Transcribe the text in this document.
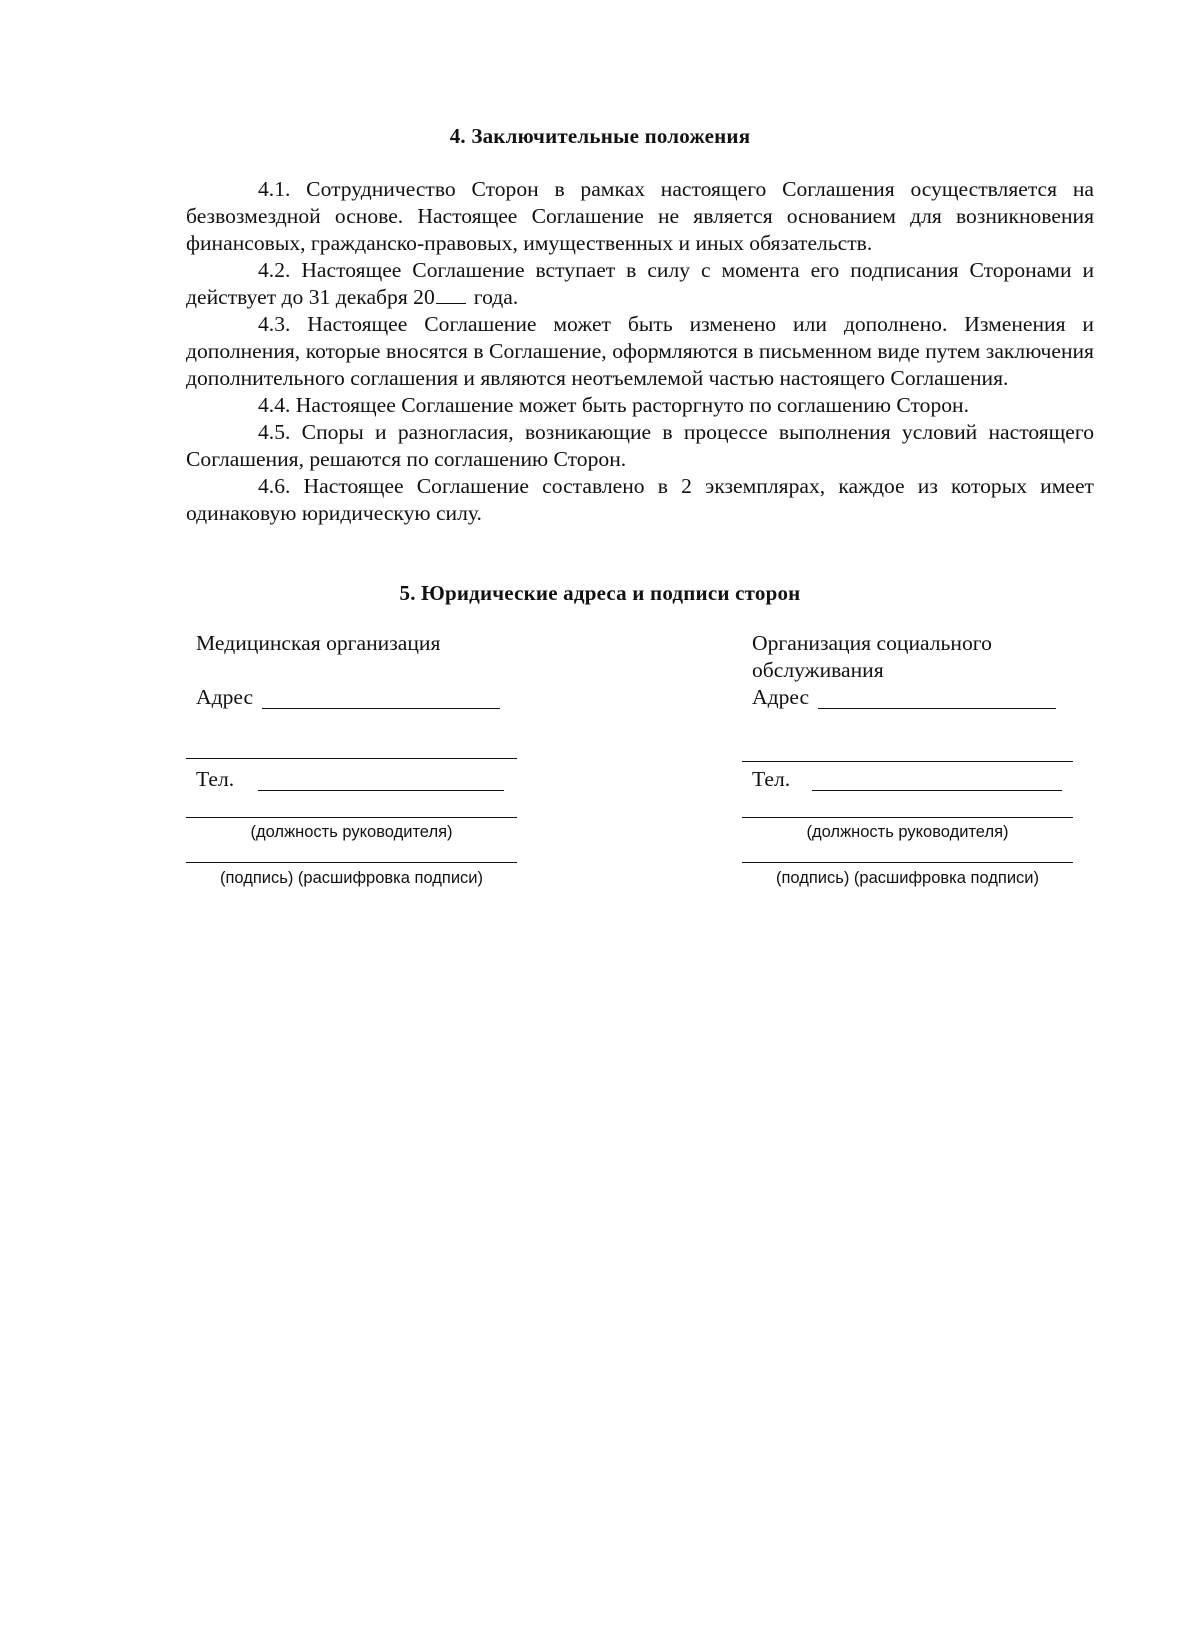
4. Заключительные положения

4.1. Сотрудничество Сторон в рамках настоящего Соглашения осуществляется на безвозмездной основе. Настоящее Соглашение не является основанием для возникновения финансовых, гражданско-правовых, имущественных и иных обязательств.

4.2. Настоящее Соглашение вступает в силу с момента его подписания Сторонами и действует до 31 декабря 20 года.

4.3. Настоящее Соглашение может быть изменено или дополнено. Изменения и дополнения, которые вносятся в Соглашение, оформляются в письменном виде путем заключения дополнительного соглашения и являются неотъемлемой частью настоящего Соглашения.

4.4. Настоящее Соглашение может быть расторгнуто по соглашению Сторон.

4.5. Споры и разногласия, возникающие в процессе выполнения условий настоящего Соглашения, решаются по соглашению Сторон.

4.6. Настоящее Соглашение составлено в 2 экземплярах, каждое из которых имеет одинаковую юридическую силу.

5. Юридические адреса и подписи сторон
Медицинская организация
Адрес
Тел.
(должность руководителя)
(подпись) (расшифровка подписи)
Организация социального
обслуживания
Адрес
Тел.
(должность руководителя)
(подпись) (расшифровка подписи)
